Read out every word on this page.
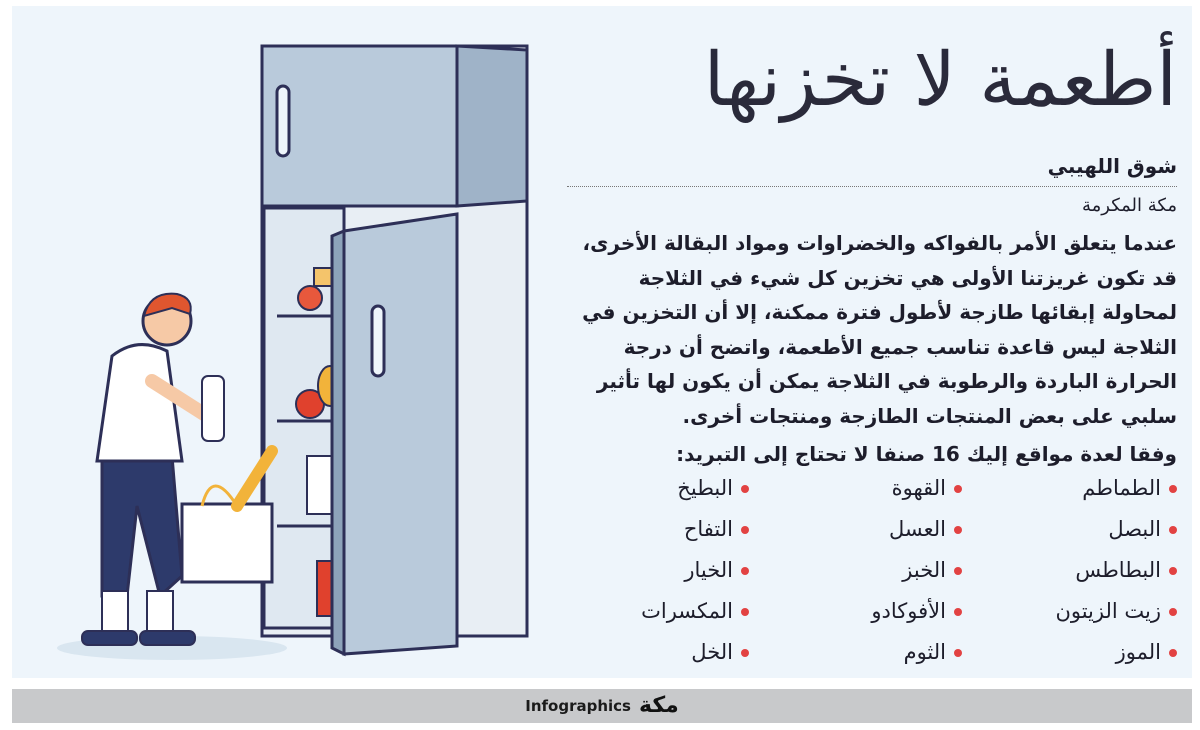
أطعمة لا تخزنها
شوق اللهيبي
مكة المكرمة
عندما يتعلق الأمر بالفواكه والخضراوات ومواد البقالة الأخرى، قد تكون غريزتنا الأولى هي تخزين كل شيء في الثلاجة لمحاولة إبقائها طازجة لأطول فترة ممكنة، إلا أن التخزين في الثلاجة ليس قاعدة تناسب جميع الأطعمة، واتضح أن درجة الحرارة الباردة والرطوبة في الثلاجة يمكن أن يكون لها تأثير سلبي على بعض المنتجات الطازجة ومنتجات أخرى.
وفقا لعدة مواقع إليك 16 صنفا لا تحتاج إلى التبريد:
الطماطم
البصل
البطاطس
زيت الزيتون
الموز
القهوة
العسل
الخبز
الأفوكادو
الثوم
البطيخ
التفاح
الخيار
المكسرات
الخل
Infographics مكة
